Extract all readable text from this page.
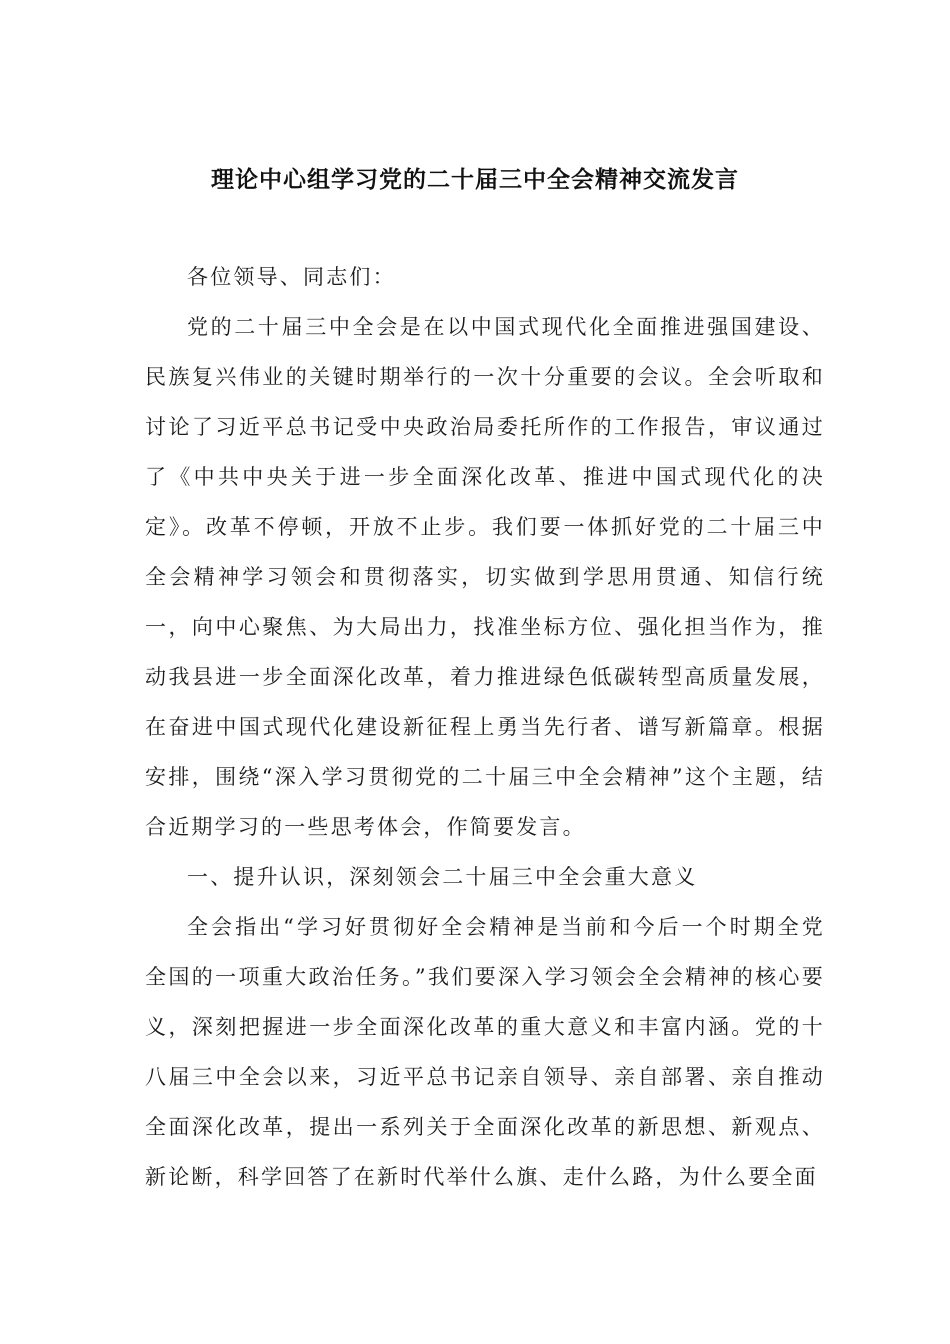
理论中心组学习党的二十届三中全会精神交流发言

各位领导、同志们：

党的二十届三中全会是在以中国式现代化全面推进强国建设、民族复兴伟业的关键时期举行的一次十分重要的会议。全会听取和讨论了习近平总书记受中央政治局委托所作的工作报告，审议通过了《中共中央关于进一步全面深化改革、推进中国式现代化的决定》。改革不停顿，开放不止步。我们要一体抓好党的二十届三中全会精神学习领会和贯彻落实，切实做到学思用贯通、知信行统一，向中心聚焦、为大局出力，找准坐标方位、强化担当作为，推动我县进一步全面深化改革，着力推进绿色低碳转型高质量发展，在奋进中国式现代化建设新征程上勇当先行者、谱写新篇章。根据安排，围绕“深入学习贯彻党的二十届三中全会精神”这个主题，结合近期学习的一些思考体会，作简要发言。

一、提升认识，深刻领会二十届三中全会重大意义

全会指出“学习好贯彻好全会精神是当前和今后一个时期全党全国的一项重大政治任务。”我们要深入学习领会全会精神的核心要义，深刻把握进一步全面深化改革的重大意义和丰富内涵。党的十八届三中全会以来，习近平总书记亲自领导、亲自部署、亲自推动全面深化改革，提出一系列关于全面深化改革的新思想、新观点、新论断，科学回答了在新时代举什么旗、走什么路，为什么要全面
